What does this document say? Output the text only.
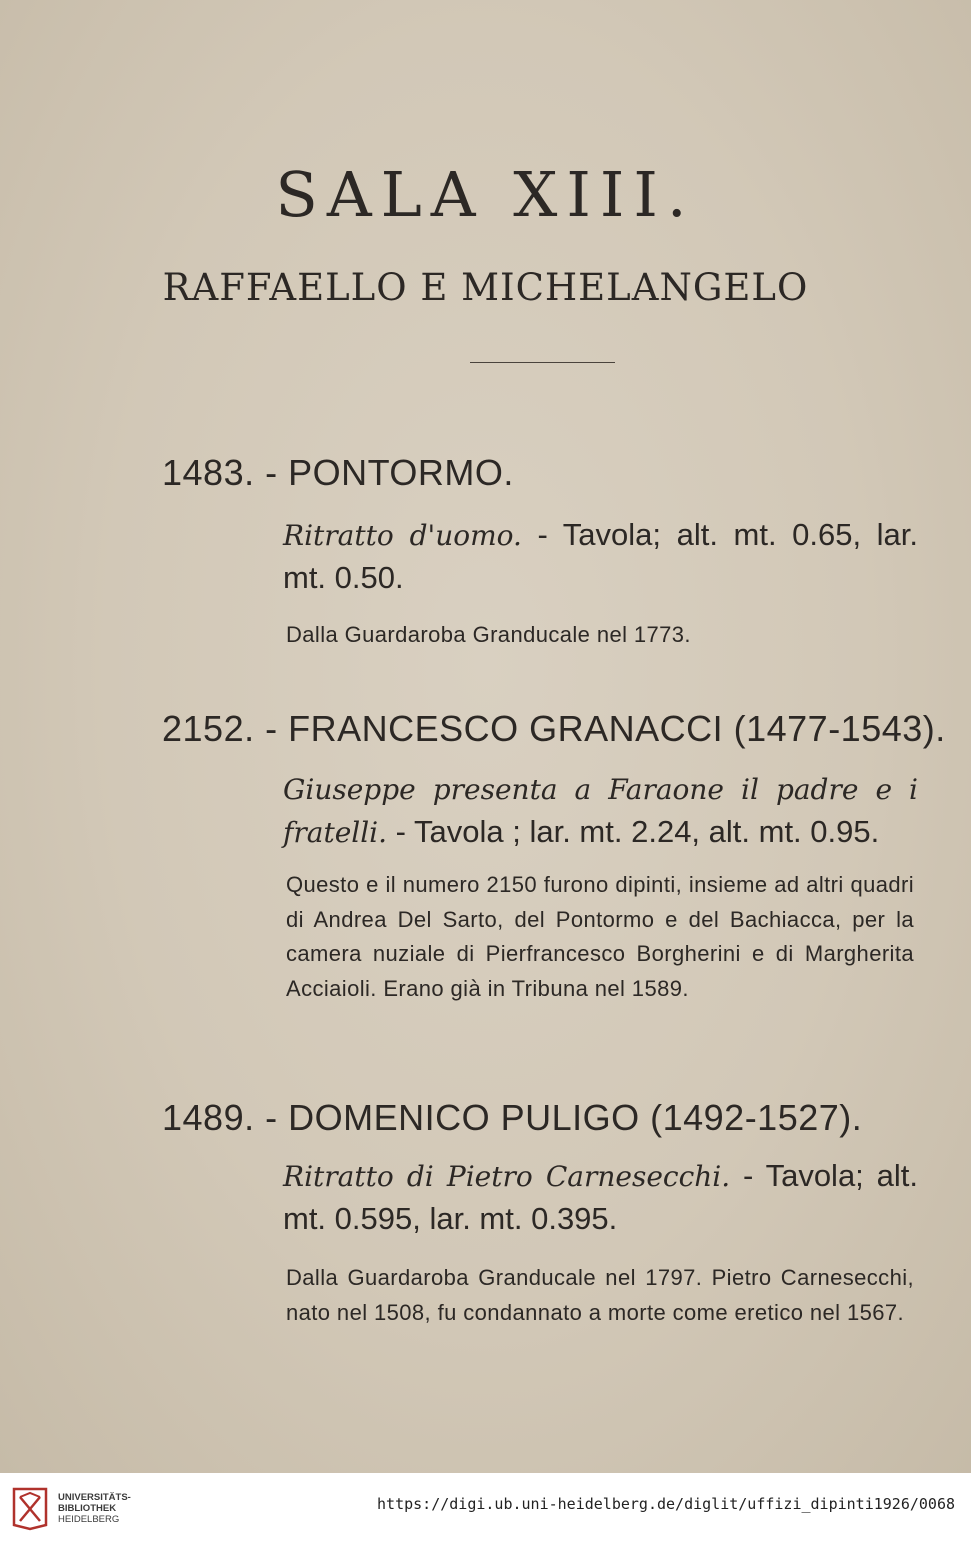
SALA XIII.
RAFFAELLO E MICHELANGELO
1483. - PONTORMO.
Ritratto d'uomo. - Tavola; alt. mt. 0.65, lar. mt. 0.50.
Dalla Guardaroba Granducale nel 1773.
2152. - FRANCESCO GRANACCI (1477-1543).
Giuseppe presenta a Faraone il padre e i fratelli. - Tavola ; lar. mt. 2.24, alt. mt. 0.95.
Questo e il numero 2150 furono dipinti, insieme ad altri quadri di Andrea Del Sarto, del Pontormo e del Bachiacca, per la camera nuziale di Pierfrancesco Borgherini e di Margherita Acciaioli. Erano già in Tribuna nel 1589.
1489. - DOMENICO PULIGO (1492-1527).
Ritratto di Pietro Carnesecchi. - Tavola; alt. mt. 0.595, lar. mt. 0.395.
Dalla Guardaroba Granducale nel 1797. Pietro Carnesecchi, nato nel 1508, fu condannato a morte come eretico nel 1567.
UNIVERSITÄTS-
BIBLIOTHEK
HEIDELBERG
https://digi.ub.uni-heidelberg.de/diglit/uffizi_dipinti1926/0068
